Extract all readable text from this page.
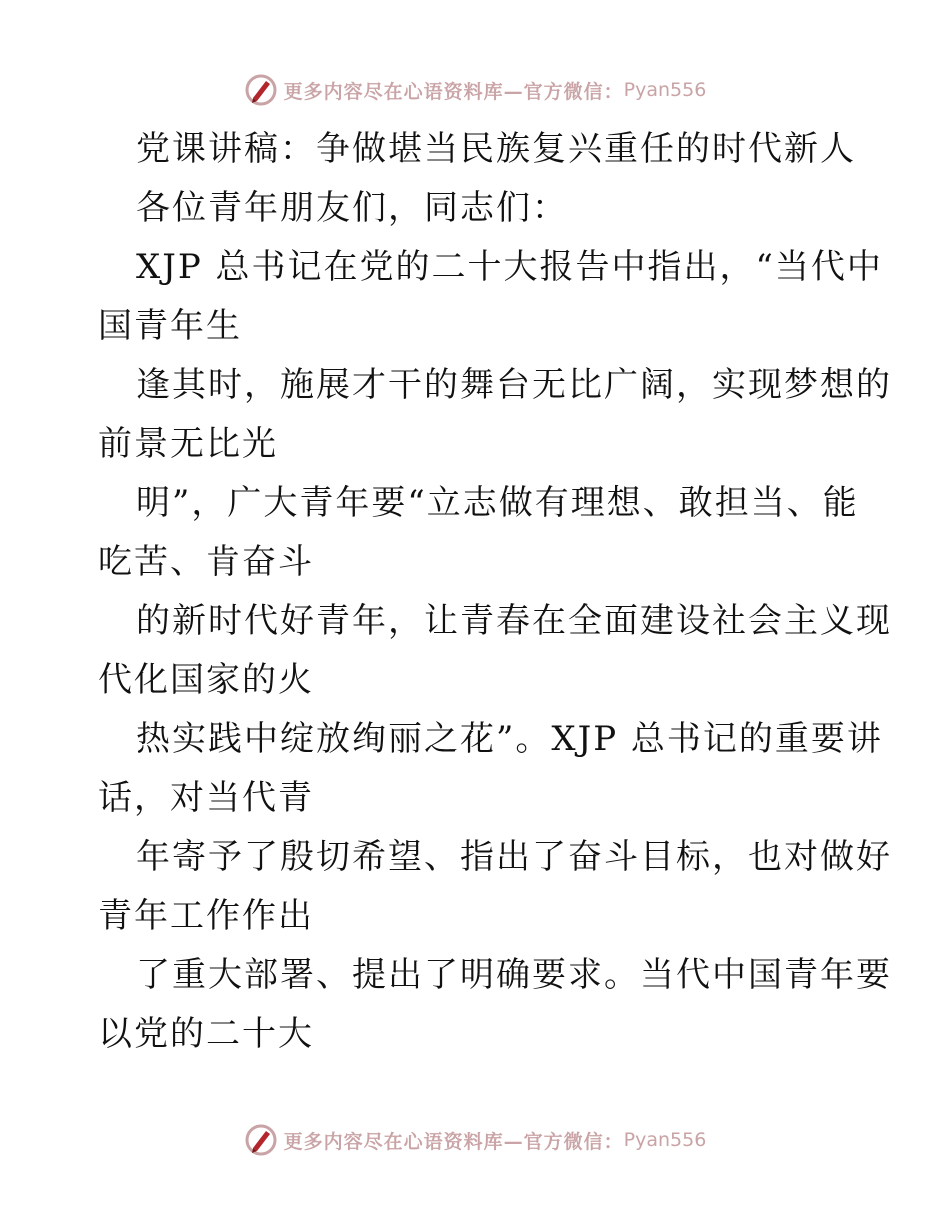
更多内容尽在心语资料库—官方微信： Pyan556
党课讲稿：争做堪当民族复兴重任的时代新人
各位青年朋友们，同志们：
XJP 总书记在党的二十大报告中指出，“当代中
国青年生
逢其时，施展才干的舞台无比广阔，实现梦想的
前景无比光
明”，广大青年要“立志做有理想、敢担当、能
吃苦、肯奋斗
的新时代好青年，让青春在全面建设社会主义现
代化国家的火
热实践中绽放绚丽之花”。XJP 总书记的重要讲
话，对当代青
年寄予了殷切希望、指出了奋斗目标，也对做好
青年工作作出
了重大部署、提出了明确要求。当代中国青年要
以党的二十大
更多内容尽在心语资料库—官方微信： Pyan556
